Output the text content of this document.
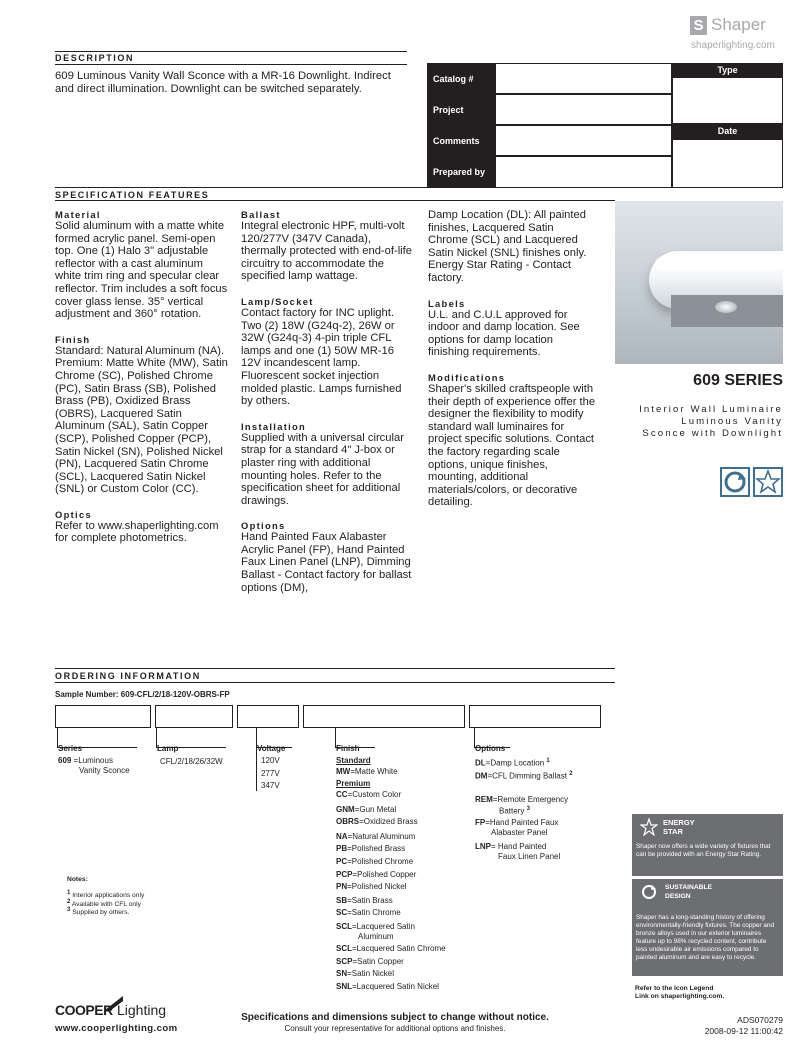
S Shaper
shaperlighting.com
DESCRIPTION
609 Luminous Vanity Wall Sconce with a MR-16 Downlight. Indirect and direct illumination. Downlight can be switched separately.
Catalog #
Project
Comments
Prepared by
Type
Date
SPECIFICATION FEATURES
Material

Solid aluminum with a matte white formed acrylic panel. Semi-open top. One (1) Halo 3" adjustable reflector with a cast aluminum white trim ring and specular clear reflector. Trim includes a soft focus cover glass lense. 35° vertical adjustment and 360° rotation.

Finish

Standard: Natural Aluminum (NA). Premium: Matte White (MW), Satin Chrome (SC), Polished Chrome (PC), Satin Brass (SB), Polished Brass (PB), Oxidized Brass (OBRS), Lacquered Satin Aluminum (SAL), Satin Copper (SCP), Polished Copper (PCP), Satin Nickel (SN), Polished Nickel (PN), Lacquered Satin Chrome (SCL), Lacquered Satin Nickel (SNL) or Custom Color (CC).

Optics

Refer to www.shaperlighting.com for complete photometrics.

Ballast

Integral electronic HPF, multi-volt 120/277V (347V Canada), thermally protected with end-of-life circuitry to accommodate the specified lamp wattage.

Lamp/Socket

Contact factory for INC uplight. Two (2) 18W (G24q-2), 26W or 32W (G24q-3) 4-pin triple CFL lamps and one (1) 50W MR-16 12V incandescent lamp. Fluorescent socket injection molded plastic. Lamps furnished by others.

Installation

Supplied with a universal circular strap for a standard 4" J-box or plaster ring with additional mounting holes. Refer to the specification sheet for additional drawings.

Options

Hand Painted Faux Alabaster Acrylic Panel (FP), Hand Painted Faux Linen Panel (LNP), Dimming Ballast - Contact factory for ballast options (DM),

Damp Location (DL): All painted finishes, Lacquered Satin Chrome (SCL) and Lacquered Satin Nickel (SNL) finishes only. Energy Star Rating - Contact factory.

Labels

U.L. and C.U.L approved for indoor and damp location. See options for damp location finishing requirements.

Modifications

Shaper's skilled craftspeople with their depth of experience offer the designer the flexibility to modify standard wall luminaires for project specific solutions. Contact the factory regarding scale options, unique finishes, mounting, additional materials/colors, or decorative detailing.

609 SERIES
Interior Wall Luminaire
Luminous Vanity
Sconce with Downlight
ORDERING INFORMATION
Sample Number: 609-CFL/2/18-120V-OBRS-FP
Series
609 =Luminous
Vanity Sconce
Lamp
CFL/2/18/26/32W
Voltage
120V
277V
347V
Finish
Standard
MW=Matte White
Premium
CC=Custom Color
GNM=Gun Metal
OBRS=Oxidized Brass
NA=Natural Aluminum
PB=Polished Brass
PC=Polished Chrome
PCP=Polished Copper
PN=Polished Nickel
SB=Satin Brass
SC=Satin Chrome
SCL=Lacquered Satin
Aluminum
SCL=Lacquered Satin Chrome
SCP=Satin Copper
SN=Satin Nickel
SNL=Lacquered Satin Nickel
Options
DL=Damp Location $^1$
DM=CFL Dimming Ballast $^2$
REM=Remote Emergency
Battery $^3$
FP=Hand Painted Faux
Alabaster Panel
LNP= Hand Painted
Faux Linen Panel
Notes:
$^1$ Interior applications only
$^2$ Available with CFL only
$^3$ Supplied by others.
ENERGY
STAR
Shaper now offers a wide variety of fixtures that can be provided with an Energy Star Rating.
SUSTAINABLE
DESIGN
Shaper has a long-standing history of offering environmentally-friendly fixtures. The copper and bronze alloys used in our exterior luminaires feature up to 98% recycled content, contribute less undesirable air emissions compared to painted aluminum and are easy to recycle.
Refer to the Icon Legend
Link on shaperlighting.com.
COOPER Lighting
www.cooperlighting.com
Specifications and dimensions subject to change without notice.
Consult your representative for additional options and finishes.
ADS070279
2008-09-12 11:00:42
